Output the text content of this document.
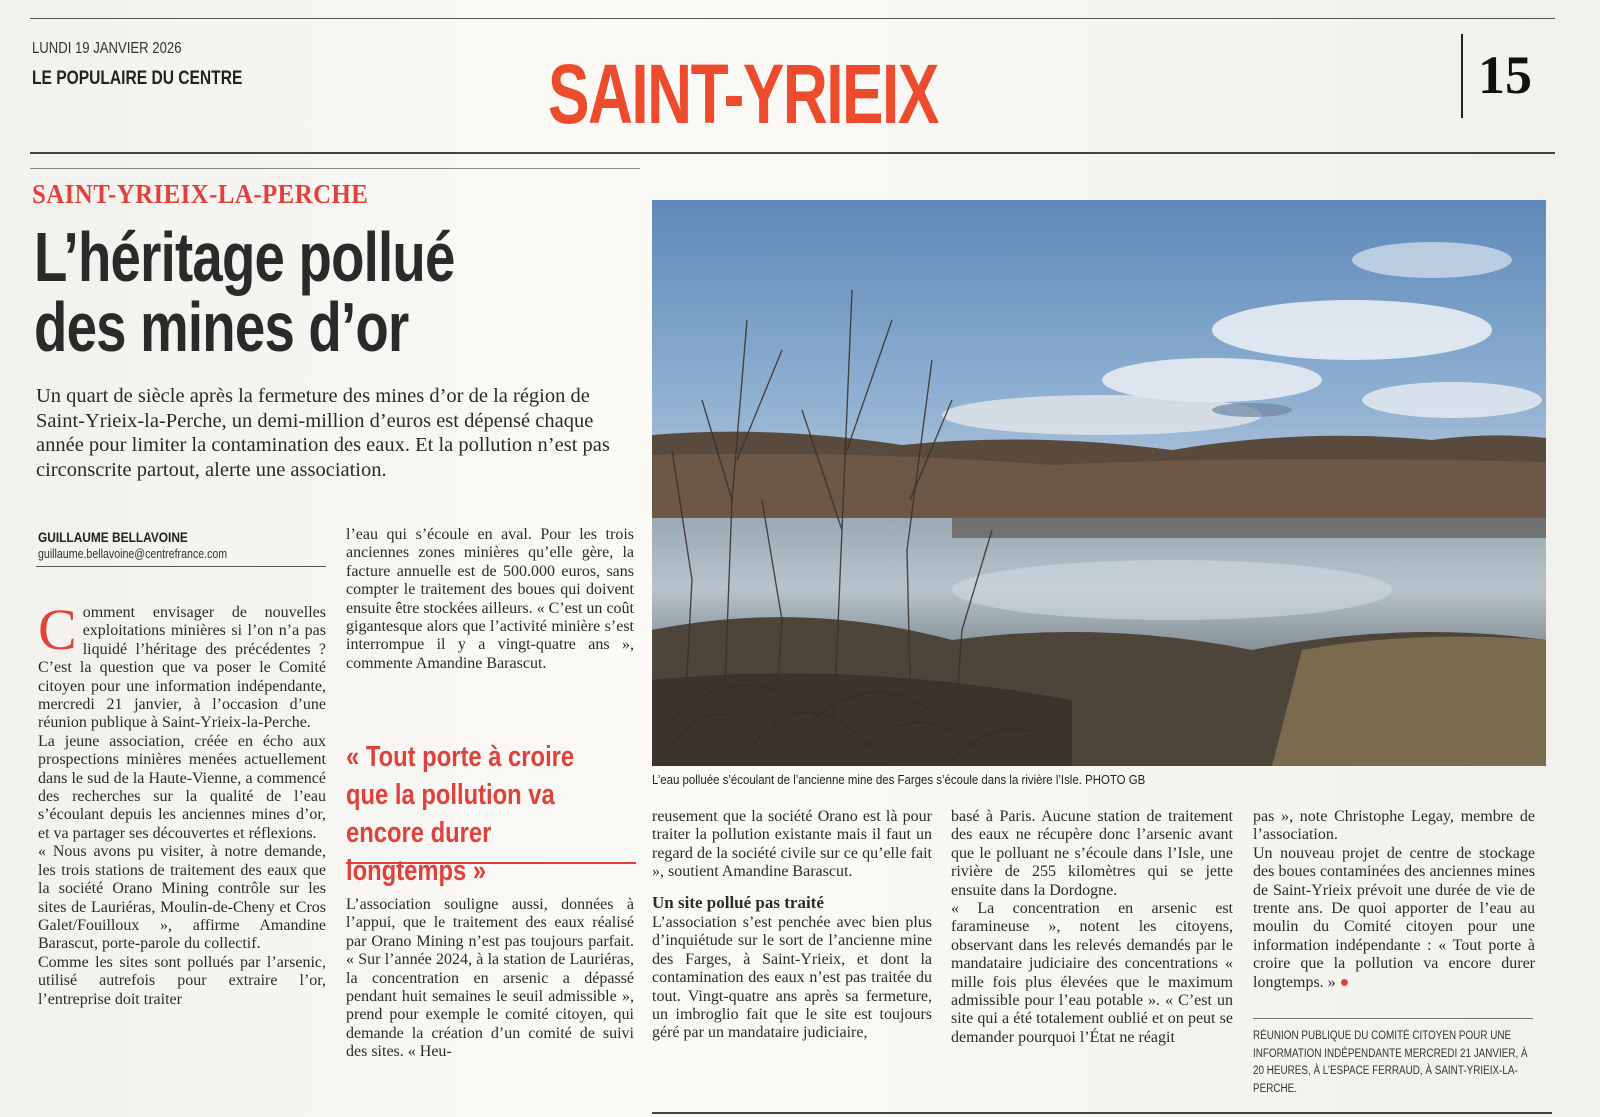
LUNDI 19 JANVIER 2026
LE POPULAIRE DU CENTRE	SAINT-YRIEIX	15
SAINT-YRIEIX-LA-PERCHE
L’héritage pollué
des mines d’or
Un quart de siècle après la fermeture des mines d’or de la région de Saint-Yrieix-la-Perche, un demi-million d’euros est dépensé chaque année pour limiter la contamination des eaux. Et la pollution n’est pas circonscrite partout, alerte une association.
GUILLAUME BELLAVOINE
guillaume.bellavoine@centrefrance.com

Comment envisager de nouvelles exploitations minières si l’on n’a pas liquidé l’héritage des précédentes ? C’est la question que va poser le Comité citoyen pour une information indépendante, mercredi 21 janvier, à l’occasion d’une réunion publique à Saint-Yrieix-la-Perche.

La jeune association, créée en écho aux prospections minières menées actuellement dans le sud de la Haute-Vienne, a commencé des recherches sur la qualité de l’eau s’écoulant depuis les anciennes mines d’or, et va partager ses découvertes et réflexions.

« Nous avons pu visiter, à notre demande, les trois stations de traitement des eaux que la société Orano Mining contrôle sur les sites de Lauriéras, Moulin-de-Cheny et Cros Galet/Fouilloux », affirme Amandine Barascut, porte-parole du collectif.

Comme les sites sont pollués par l’arsenic, utilisé autrefois pour extraire l’or, l’entreprise doit traiter

l’eau qui s’écoule en aval. Pour les trois anciennes zones minières qu’elle gère, la facture annuelle est de 500.000 euros, sans compter le traitement des boues qui doivent ensuite être stockées ailleurs. « C’est un coût gigantesque alors que l’activité minière s’est interrompue il y a vingt-quatre ans », commente Amandine Barascut.

« Tout porte à croire que la pollution va encore durer longtemps »

L’association souligne aussi, données à l’appui, que le traitement des eaux réalisé par Orano Mining n’est pas toujours parfait. « Sur l’année 2024, à la station de Lauriéras, la concentration en arsenic a dépassé pendant huit semaines le seuil admissible », prend pour exemple le comité citoyen, qui demande la création d’un comité de suivi des sites. « Heu-

L’eau polluée s’écoulant de l’ancienne mine des Farges s’écoule dans la rivière l’Isle. PHOTO GB

reusement que la société Orano est là pour traiter la pollution existante mais il faut un regard de la société civile sur ce qu’elle fait », soutient Amandine Barascut.

Un site pollué pas traité

L’association s’est penchée avec bien plus d’inquiétude sur le sort de l’ancienne mine des Farges, à Saint-Yrieix, et dont la contamination des eaux n’est pas traitée du tout. Vingt-quatre ans après sa fermeture, un imbroglio fait que le site est toujours géré par un mandataire judiciaire,

basé à Paris. Aucune station de traitement des eaux ne récupère donc l’arsenic avant que le polluant ne s’écoule dans l’Isle, une rivière de 255 kilomètres qui se jette ensuite dans la Dordogne.

« La concentration en arsenic est faramineuse », notent les citoyens, observant dans les relevés demandés par le mandataire judiciaire des concentrations « mille fois plus élevées que le maximum admissible pour l’eau potable ». « C’est un site qui a été totalement oublié et on peut se demander pourquoi l’État ne réagit

pas », note Christophe Legay, membre de l’association.

Un nouveau projet de centre de stockage des boues contaminées des anciennes mines de Saint-Yrieix prévoit une durée de vie de trente ans. De quoi apporter de l’eau au moulin du Comité citoyen pour une information indépendante : « Tout porte à croire que la pollution va encore durer longtemps. » ●

RÉUNION PUBLIQUE DU COMITÉ CITOYEN POUR UNE INFORMATION INDÉPENDANTE MERCREDI 21 JANVIER, À 20 HEURES, À L’ESPACE FERRAUD, À SAINT-YRIEIX-LA-PERCHE.
